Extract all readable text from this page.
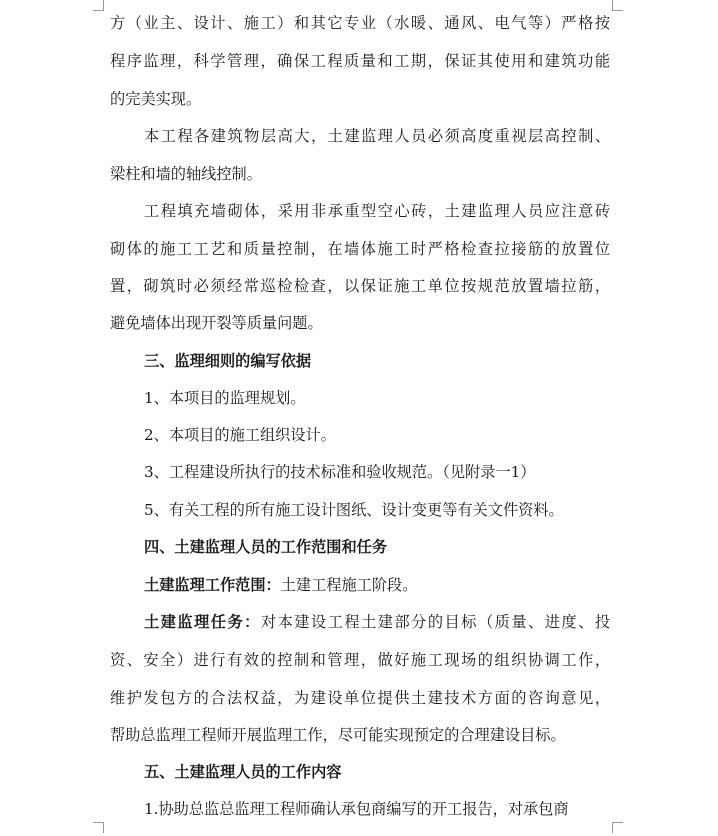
方（业主、设计、施工）和其它专业（水暖、通风、电气等）严格按
程序监理，科学管理，确保工程质量和工期，保证其使用和建筑功能
的完美实现。
本工程各建筑物层高大，土建监理人员必须高度重视层高控制、
梁柱和墙的轴线控制。
工程填充墙砌体，采用非承重型空心砖，土建监理人员应注意砖
砌体的施工工艺和质量控制，在墙体施工时严格检查拉接筋的放置位
置，砌筑时必须经常巡检检查，以保证施工单位按规范放置墙拉筋，
避免墙体出现开裂等质量问题。
三、监理细则的编写依据
1、本项目的监理规划。
2、本项目的施工组织设计。
3、工程建设所执行的技术标准和验收规范。（见附录一1）
5、有关工程的所有施工设计图纸、设计变更等有关文件资料。
四、土建监理人员的工作范围和任务
土建监理工作范围：土建工程施工阶段。
土建监理任务：对本建设工程土建部分的目标（质量、进度、投
资、安全）进行有效的控制和管理，做好施工现场的组织协调工作，
维护发包方的合法权益，为建设单位提供土建技术方面的咨询意见，
帮助总监理工程师开展监理工作，尽可能实现预定的合理建设目标。
五、土建监理人员的工作内容
1.协助总监总监理工程师确认承包商编写的开工报告，对承包商
